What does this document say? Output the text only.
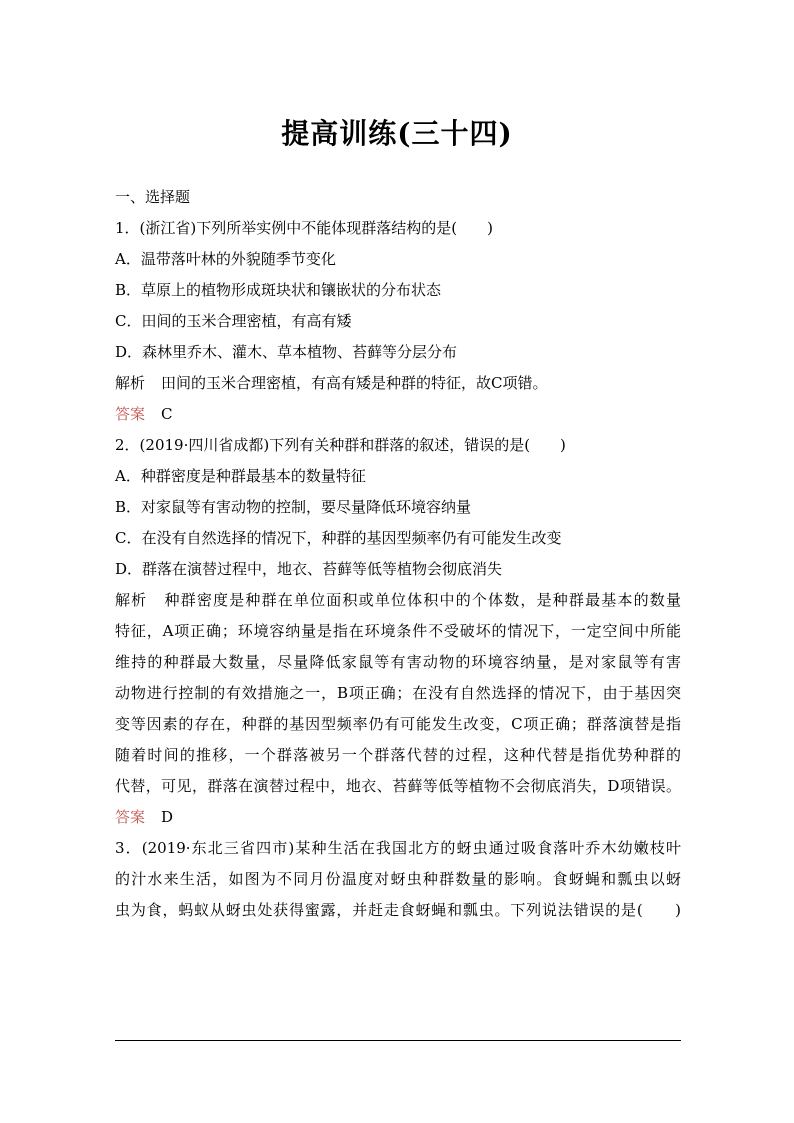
提高训练(三十四)
一、选择题
1．(浙江省)下列所举实例中不能体现群落结构的是(　　)
A．温带落叶林的外貌随季节变化
B．草原上的植物形成斑块状和镶嵌状的分布状态
C．田间的玉米合理密植，有高有矮
D．森林里乔木、灌木、草本植物、苔藓等分层分布
解析 田间的玉米合理密植，有高有矮是种群的特征，故C项错。
答案 C
2．(2019·四川省成都)下列有关种群和群落的叙述，错误的是(　　)
A．种群密度是种群最基本的数量特征
B．对家鼠等有害动物的控制，要尽量降低环境容纳量
C．在没有自然选择的情况下，种群的基因型频率仍有可能发生改变
D．群落在演替过程中，地衣、苔藓等低等植物会彻底消失
解析 种群密度是种群在单位面积或单位体积中的个体数，是种群最基本的数量
特征，A项正确；环境容纳量是指在环境条件不受破坏的情况下，一定空间中所能
维持的种群最大数量，尽量降低家鼠等有害动物的环境容纳量，是对家鼠等有害
动物进行控制的有效措施之一，B项正确；在没有自然选择的情况下，由于基因突
变等因素的存在，种群的基因型频率仍有可能发生改变，C项正确；群落演替是指
随着时间的推移，一个群落被另一个群落代替的过程，这种代替是指优势种群的
代替，可见，群落在演替过程中，地衣、苔藓等低等植物不会彻底消失，D项错误。
答案 D
3．(2019·东北三省四市)某种生活在我国北方的蚜虫通过吸食落叶乔木幼嫩枝叶
的汁水来生活，如图为不同月份温度对蚜虫种群数量的影响。食蚜蝇和瓢虫以蚜
虫为食，蚂蚁从蚜虫处获得蜜露，并赶走食蚜蝇和瓢虫。下列说法错误的是(　　)
